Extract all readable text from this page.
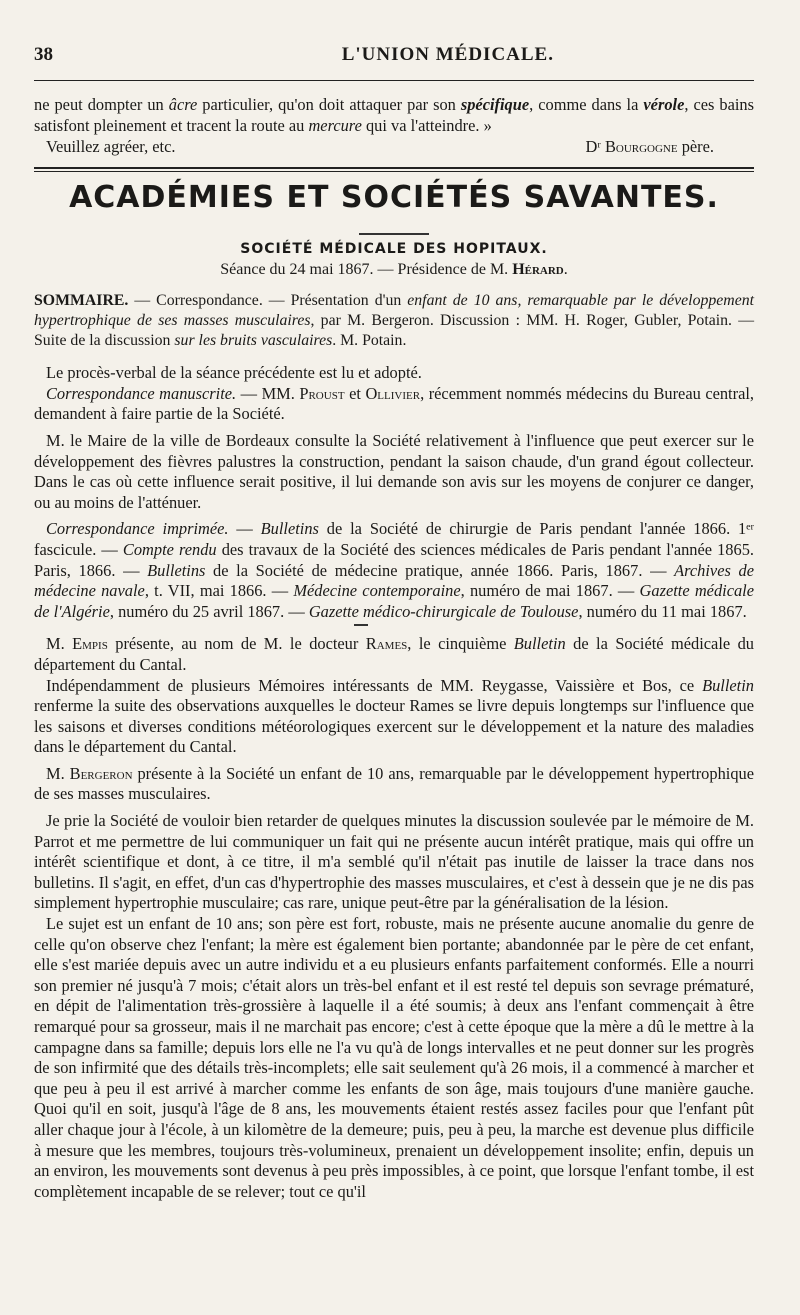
38	L'UNION MÉDICALE.

ne peut dompter un âcre particulier, qu'on doit attaquer par son spécifique, comme dans la vérole, ces bains satisfont pleinement et tracent la route au mercure qui va l'atteindre. »

Veuillez agréer, etc.	Dʳ Bourgogne père.
ACADÉMIES ET SOCIÉTÉS SAVANTES.
SOCIÉTÉ MÉDICALE DES HOPITAUX.
Séance du 24 mai 1867. — Présidence de M. Hérard.

SOMMAIRE. — Correspondance. — Présentation d'un enfant de 10 ans, remarquable par le développement hypertrophique de ses masses musculaires, par M. Bergeron. Discussion : MM. H. Roger, Gubler, Potain. — Suite de la discussion sur les bruits vasculaires. M. Potain.

Le procès-verbal de la séance précédente est lu et adopté.

Correspondance manuscrite. — MM. Proust et Ollivier, récemment nommés médecins du Bureau central, demandent à faire partie de la Société.

M. le Maire de la ville de Bordeaux consulte la Société relativement à l'influence que peut exercer sur le développement des fièvres palustres la construction, pendant la saison chaude, d'un grand égout collecteur. Dans le cas où cette influence serait positive, il lui demande son avis sur les moyens de conjurer ce danger, ou au moins de l'atténuer.

Correspondance imprimée. — Bulletins de la Société de chirurgie de Paris pendant l'année 1866. 1ᵉʳ fascicule. — Compte rendu des travaux de la Société des sciences médicales de Paris pendant l'année 1865. Paris, 1866. — Bulletins de la Société de médecine pratique, année 1866. Paris, 1867. — Archives de médecine navale, t. VII, mai 1866. — Médecine contemporaine, numéro de mai 1867. — Gazette médicale de l'Algérie, numéro du 25 avril 1867. — Gazette médico-chirurgicale de Toulouse, numéro du 11 mai 1867.

M. Empis présente, au nom de M. le docteur Rames, le cinquième Bulletin de la Société médicale du département du Cantal.

Indépendamment de plusieurs Mémoires intéressants de MM. Reygasse, Vaissière et Bos, ce Bulletin renferme la suite des observations auxquelles le docteur Rames se livre depuis longtemps sur l'influence que les saisons et diverses conditions météorologiques exercent sur le développement et la nature des maladies dans le département du Cantal.

M. Bergeron présente à la Société un enfant de 10 ans, remarquable par le développement hypertrophique de ses masses musculaires.

Je prie la Société de vouloir bien retarder de quelques minutes la discussion soulevée par le mémoire de M. Parrot et me permettre de lui communiquer un fait qui ne présente aucun intérêt pratique, mais qui offre un intérêt scientifique et dont, à ce titre, il m'a semblé qu'il n'était pas inutile de laisser la trace dans nos bulletins. Il s'agit, en effet, d'un cas d'hypertrophie des masses musculaires, et c'est à dessein que je ne dis pas simplement hypertrophie musculaire; cas rare, unique peut-être par la généralisation de la lésion.

Le sujet est un enfant de 10 ans; son père est fort, robuste, mais ne présente aucune anomalie du genre de celle qu'on observe chez l'enfant; la mère est également bien portante; abandonnée par le père de cet enfant, elle s'est mariée depuis avec un autre individu et a eu plusieurs enfants parfaitement conformés. Elle a nourri son premier né jusqu'à 7 mois; c'était alors un très-bel enfant et il est resté tel depuis son sevrage prématuré, en dépit de l'alimentation très-grossière à laquelle il a été soumis; à deux ans l'enfant commençait à être remarqué pour sa grosseur, mais il ne marchait pas encore; c'est à cette époque que la mère a dû le mettre à la campagne dans sa famille; depuis lors elle ne l'a vu qu'à de longs intervalles et ne peut donner sur les progrès de son infirmité que des détails très-incomplets; elle sait seulement qu'à 26 mois, il a commencé à marcher et que peu à peu il est arrivé à marcher comme les enfants de son âge, mais toujours d'une manière gauche. Quoi qu'il en soit, jusqu'à l'âge de 8 ans, les mouvements étaient restés assez faciles pour que l'enfant pût aller chaque jour à l'école, à un kilomètre de la demeure; puis, peu à peu, la marche est devenue plus difficile à mesure que les membres, toujours très-volumineux, prenaient un développement insolite; enfin, depuis un an environ, les mouvements sont devenus à peu près impossibles, à ce point, que lorsque l'enfant tombe, il est complètement incapable de se relever; tout ce qu'il
